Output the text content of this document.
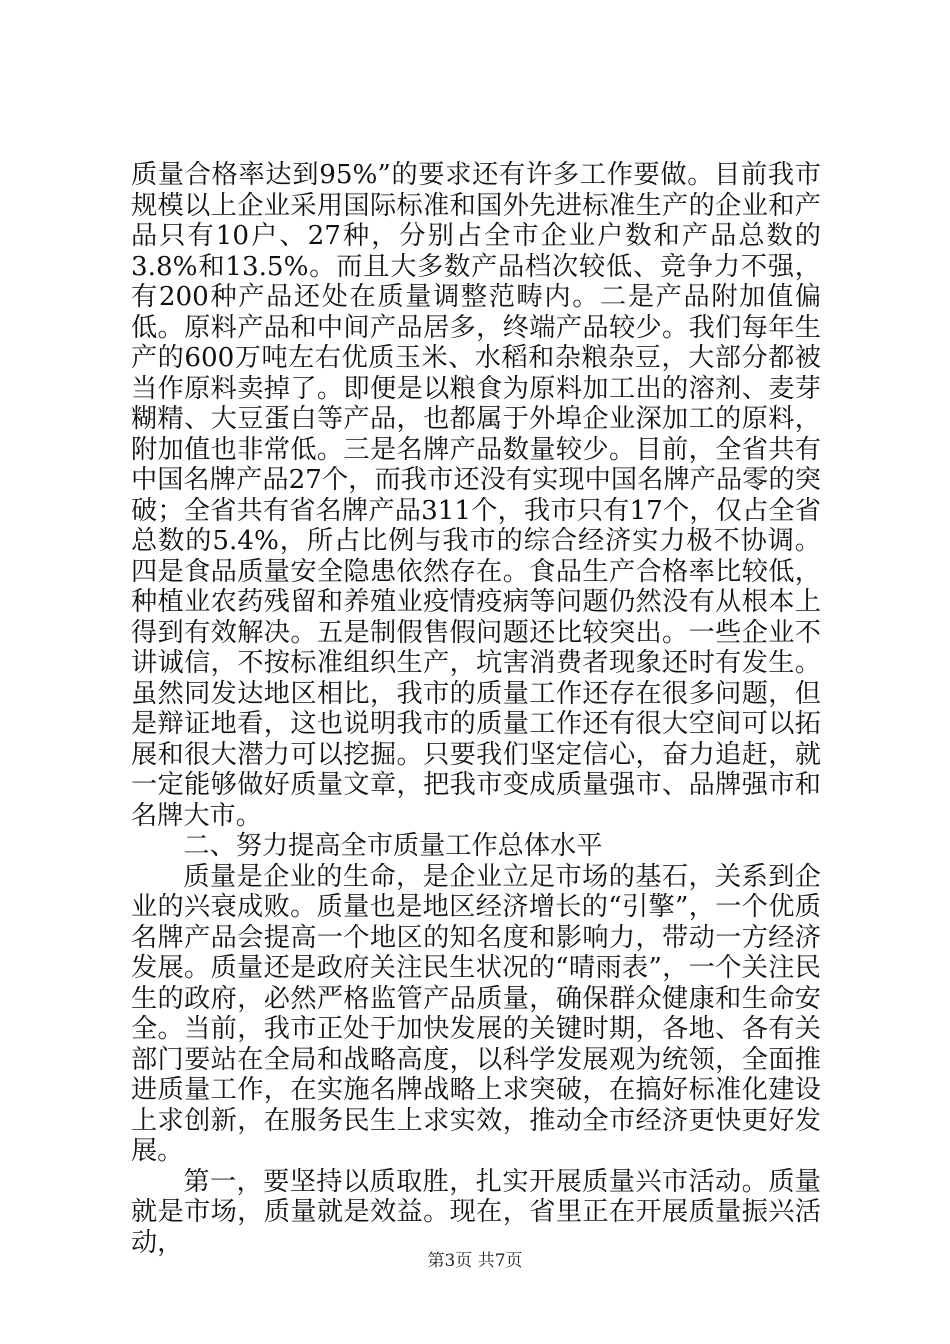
质量合格率达到95%”的要求还有许多工作要做。目前我市规模以上企业采用国际标准和国外先进标准生产的企业和产品只有10户、27种，分别占全市企业户数和产品总数的3.8%和13.5%。而且大多数产品档次较低、竞争力不强，有200种产品还处在质量调整范畴内。二是产品附加值偏低。原料产品和中间产品居多，终端产品较少。我们每年生产的600万吨左右优质玉米、水稻和杂粮杂豆，大部分都被当作原料卖掉了。即便是以粮食为原料加工出的溶剂、麦芽糊精、大豆蛋白等产品，也都属于外埠企业深加工的原料，附加值也非常低。三是名牌产品数量较少。目前，全省共有中国名牌产品27个，而我市还没有实现中国名牌产品零的突破；全省共有省名牌产品311个，我市只有17个，仅占全省总数的5.4%，所占比例与我市的综合经济实力极不协调。四是食品质量安全隐患依然存在。食品生产合格率比较低，种植业农药残留和养殖业疫情疫病等问题仍然没有从根本上得到有效解决。五是制假售假问题还比较突出。一些企业不讲诚信，不按标准组织生产，坑害消费者现象还时有发生。虽然同发达地区相比，我市的质量工作还存在很多问题，但是辩证地看，这也说明我市的质量工作还有很大空间可以拓展和很大潜力可以挖掘。只要我们坚定信心，奋力追赶，就一定能够做好质量文章，把我市变成质量强市、品牌强市和名牌大市。

二、努力提高全市质量工作总体水平

质量是企业的生命，是企业立足市场的基石，关系到企业的兴衰成败。质量也是地区经济增长的“引擎”，一个优质名牌产品会提高一个地区的知名度和影响力，带动一方经济发展。质量还是政府关注民生状况的“晴雨表”，一个关注民生的政府，必然严格监管产品质量，确保群众健康和生命安全。当前，我市正处于加快发展的关键时期，各地、各有关部门要站在全局和战略高度，以科学发展观为统领，全面推进质量工作，在实施名牌战略上求突破，在搞好标准化建设上求创新，在服务民生上求实效，推动全市经济更快更好发展。

第一，要坚持以质取胜，扎实开展质量兴市活动。质量就是市场，质量就是效益。现在，省里正在开展质量振兴活动，

第3页 共7页
